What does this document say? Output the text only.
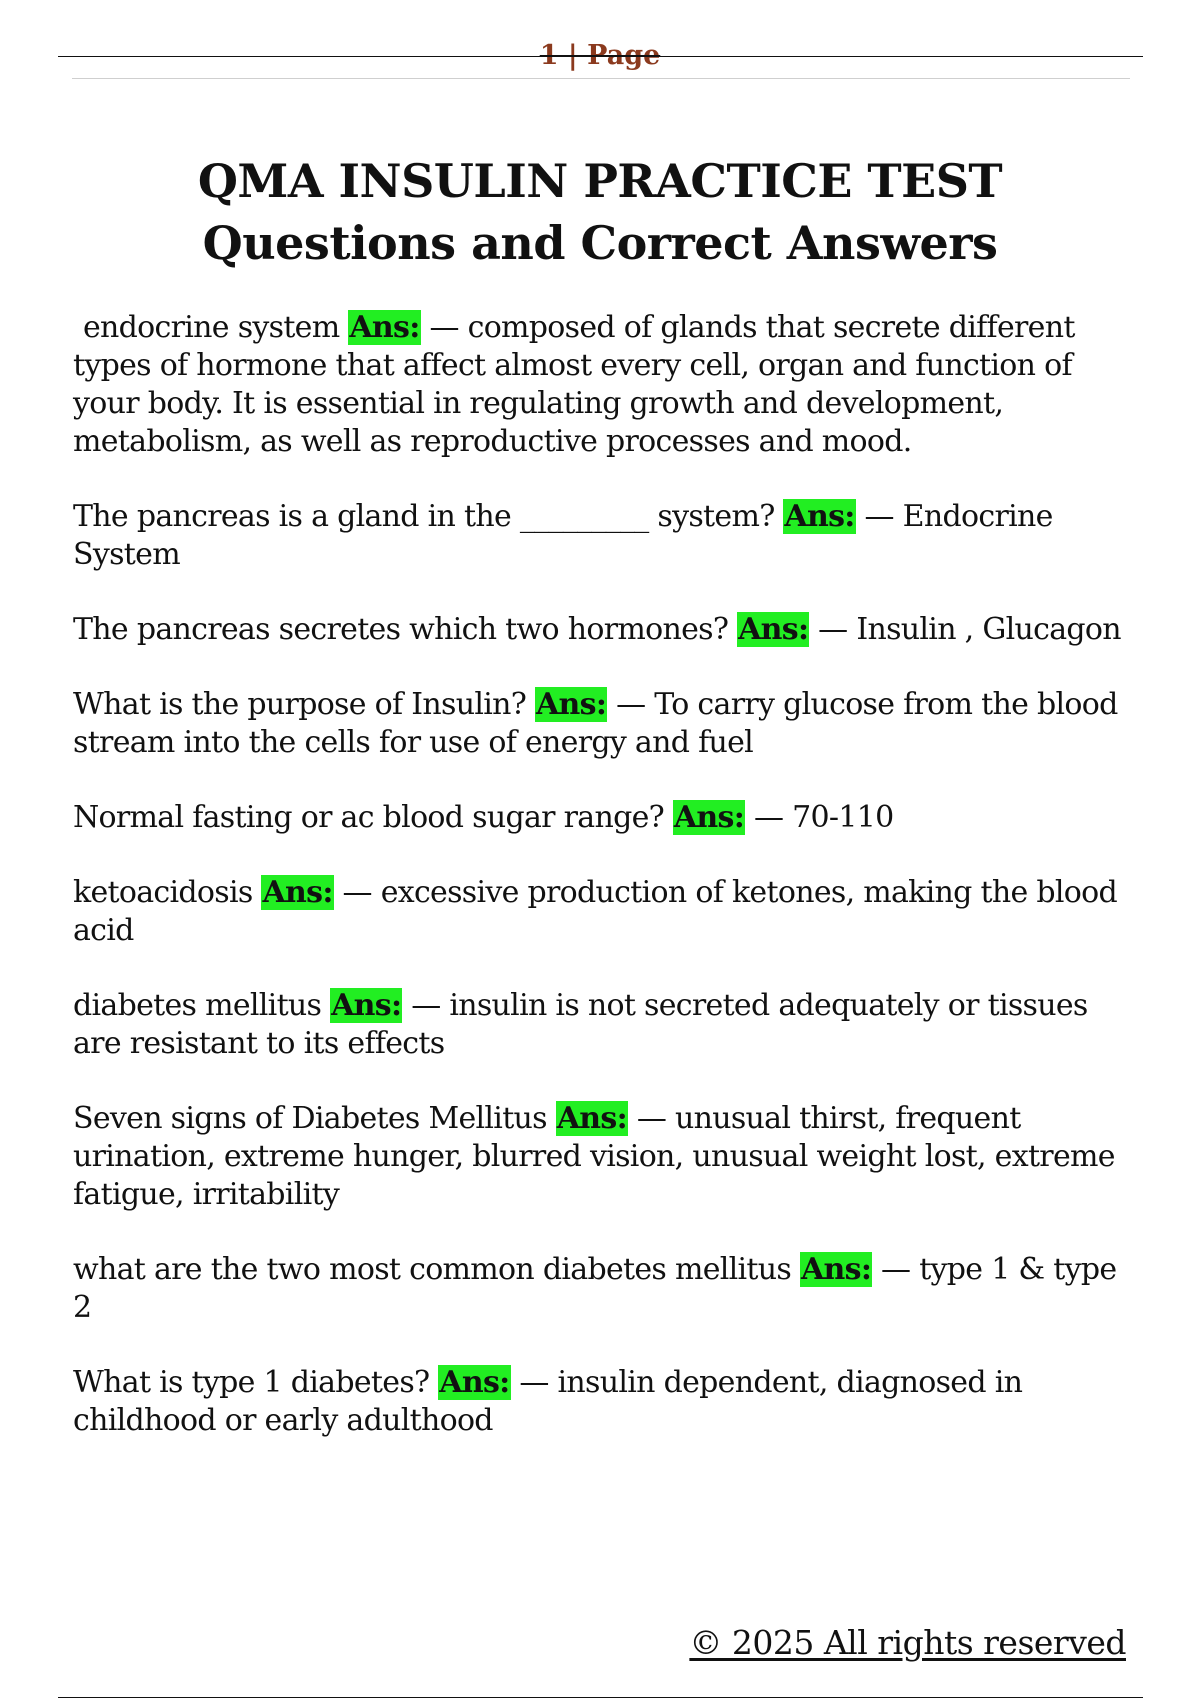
1 | Page
QMA INSULIN PRACTICE TEST
Questions and Correct Answers

endocrine system Ans: — composed of glands that secrete different types of hormone that affect almost every cell, organ and function of your body. It is essential in regulating growth and development, metabolism, as well as reproductive processes and mood.

The pancreas is a gland in the _________ system? Ans: — Endocrine System

The pancreas secretes which two hormones? Ans: — Insulin , Glucagon

What is the purpose of Insulin? Ans: — To carry glucose from the blood stream into the cells for use of energy and fuel

Normal fasting or ac blood sugar range? Ans: — 70-110

ketoacidosis Ans: — excessive production of ketones, making the blood acid

diabetes mellitus Ans: — insulin is not secreted adequately or tissues are resistant to its effects

Seven signs of Diabetes Mellitus Ans: — unusual thirst, frequent urination, extreme hunger, blurred vision, unusual weight lost, extreme fatigue, irritability

what are the two most common diabetes mellitus Ans: — type 1 & type 2

What is type 1 diabetes? Ans: — insulin dependent, diagnosed in childhood or early adulthood

© 2025 All rights reserved
